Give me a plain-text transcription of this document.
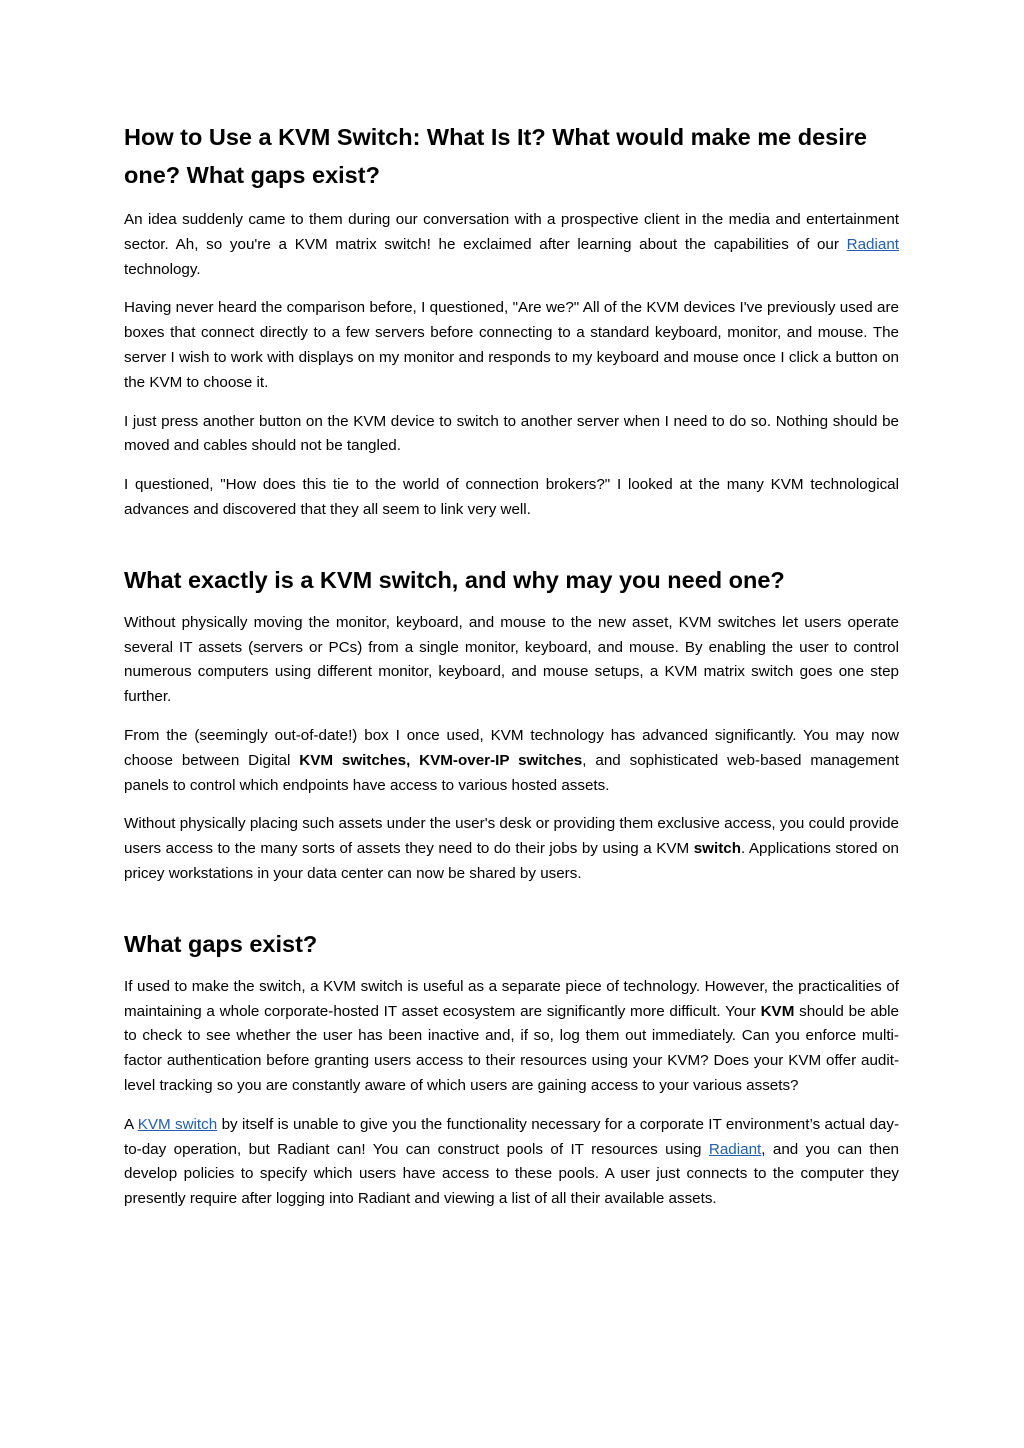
How to Use a KVM Switch: What Is It? What would make me desire one? What gaps exist?

An idea suddenly came to them during our conversation with a prospective client in the media and entertainment sector. Ah, so you're a KVM matrix switch! he exclaimed after learning about the capabilities of our Radiant technology.

Having never heard the comparison before, I questioned, "Are we?" All of the KVM devices I've previously used are boxes that connect directly to a few servers before connecting to a standard keyboard, monitor, and mouse. The server I wish to work with displays on my monitor and responds to my keyboard and mouse once I click a button on the KVM to choose it.

I just press another button on the KVM device to switch to another server when I need to do so. Nothing should be moved and cables should not be tangled.

I questioned, "How does this tie to the world of connection brokers?" I looked at the many KVM technological advances and discovered that they all seem to link very well.

What exactly is a KVM switch, and why may you need one?

Without physically moving the monitor, keyboard, and mouse to the new asset, KVM switches let users operate several IT assets (servers or PCs) from a single monitor, keyboard, and mouse. By enabling the user to control numerous computers using different monitor, keyboard, and mouse setups, a KVM matrix switch goes one step further.

From the (seemingly out-of-date!) box I once used, KVM technology has advanced significantly. You may now choose between Digital KVM switches, KVM-over-IP switches, and sophisticated web-based management panels to control which endpoints have access to various hosted assets.

Without physically placing such assets under the user's desk or providing them exclusive access, you could provide users access to the many sorts of assets they need to do their jobs by using a KVM switch. Applications stored on pricey workstations in your data center can now be shared by users.

What gaps exist?

If used to make the switch, a KVM switch is useful as a separate piece of technology. However, the practicalities of maintaining a whole corporate-hosted IT asset ecosystem are significantly more difficult. Your KVM should be able to check to see whether the user has been inactive and, if so, log them out immediately. Can you enforce multi-factor authentication before granting users access to their resources using your KVM? Does your KVM offer audit-level tracking so you are constantly aware of which users are gaining access to your various assets?

A KVM switch by itself is unable to give you the functionality necessary for a corporate IT environment’s actual day-to-day operation, but Radiant can! You can construct pools of IT resources using Radiant, and you can then develop policies to specify which users have access to these pools. A user just connects to the computer they presently require after logging into Radiant and viewing a list of all their available assets.
